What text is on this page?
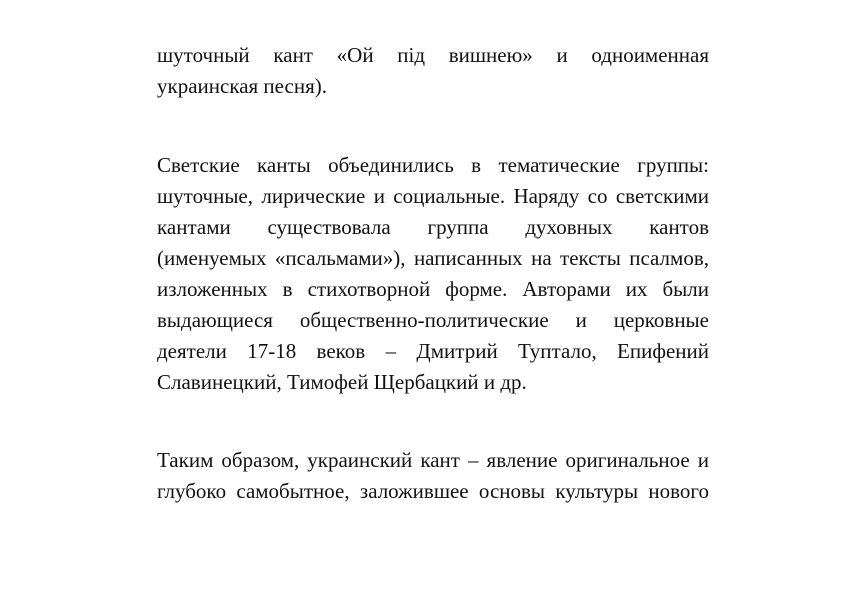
шуточный кант «Ой під вишнею» и одноименная
украинская песня).
Светские канты объединились в тематические группы:
шуточные, лирические и социальные. Наряду со светскими
кантами существовала группа духовных кантов
(именуемых «псальмами»), написанных на тексты псалмов,
изложенных в стихотворной форме. Авторами их были
выдающиеся общественно-политические и церковные
деятели 17-18 веков – Дмитрий Туптало, Епифений
Славинецкий, Тимофей Щербацкий и др.
Таким образом, украинский кант – явление оригинальное и
глубоко самобытное, заложившее основы культуры нового
